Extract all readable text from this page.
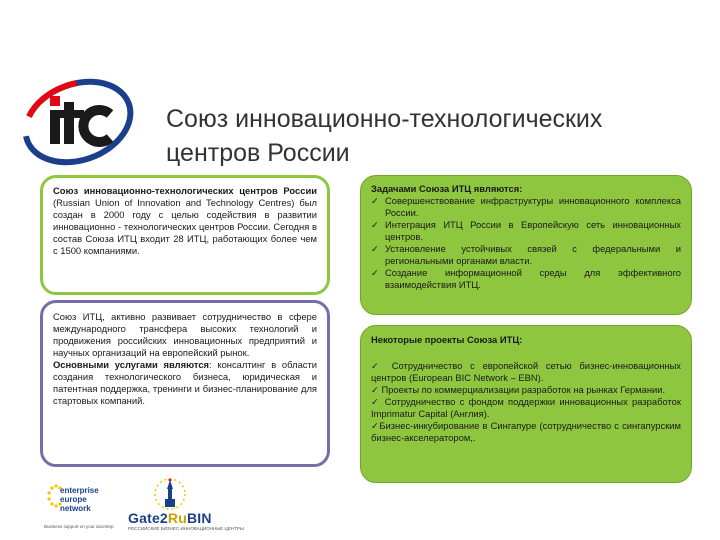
Союз инновационно-технологических
центров России

Союз инновационно-технологических центров России (Russian Union of Innovation and Technology Centres) был создан в 2000 году с целью содействия в развитии инновационно - технологических центров России. Сегодня в состав Союза ИТЦ входит 28 ИТЦ, работающих более чем с 1500 компаниями.

Союз ИТЦ, активно развивает сотрудничество в сфере международного трансфера высоких технологий и продвижения российских инновационных предприятий и научных организаций на европейский рынок.

Основными услугами являются: консалтинг в области создания технологического бизнеса, юридическая и патентная поддержка, тренинги и бизнес-планирование для стартовых компаний.

Задачами Союза ИТЦ являются:

✓ Совершенствование инфраструктуры инновационного комплекса России.
✓ Интеграция ИТЦ России в Европейскую сеть инновационных центров.
✓ Установление устойчивых связей с федеральными и региональными органами власти.
✓ Создание информационной среды для эффективного взаимодействия ИТЦ.

Некоторые проекты Союза ИТЦ:

✓ Сотрудничество с европейской сетью бизнес-инновационных центров (European BIC Network – EBN).
✓ Проекты по коммерциализации разработок на рынках Германии.
✓ Сотрудничество с фондом поддержки инновационных разработок Imprimatur Capital (Англия).
✓Бизнес-инкубирование в Сингапуре (сотрудничество с сингапурским бизнес-акселератором,.
enterprise
europe
network
Business support on your doorstep
Gate2RuBIN
РОССИЙСКИЕ БИЗНЕС-ИННОВАЦИОННЫЕ ЦЕНТРЫ
